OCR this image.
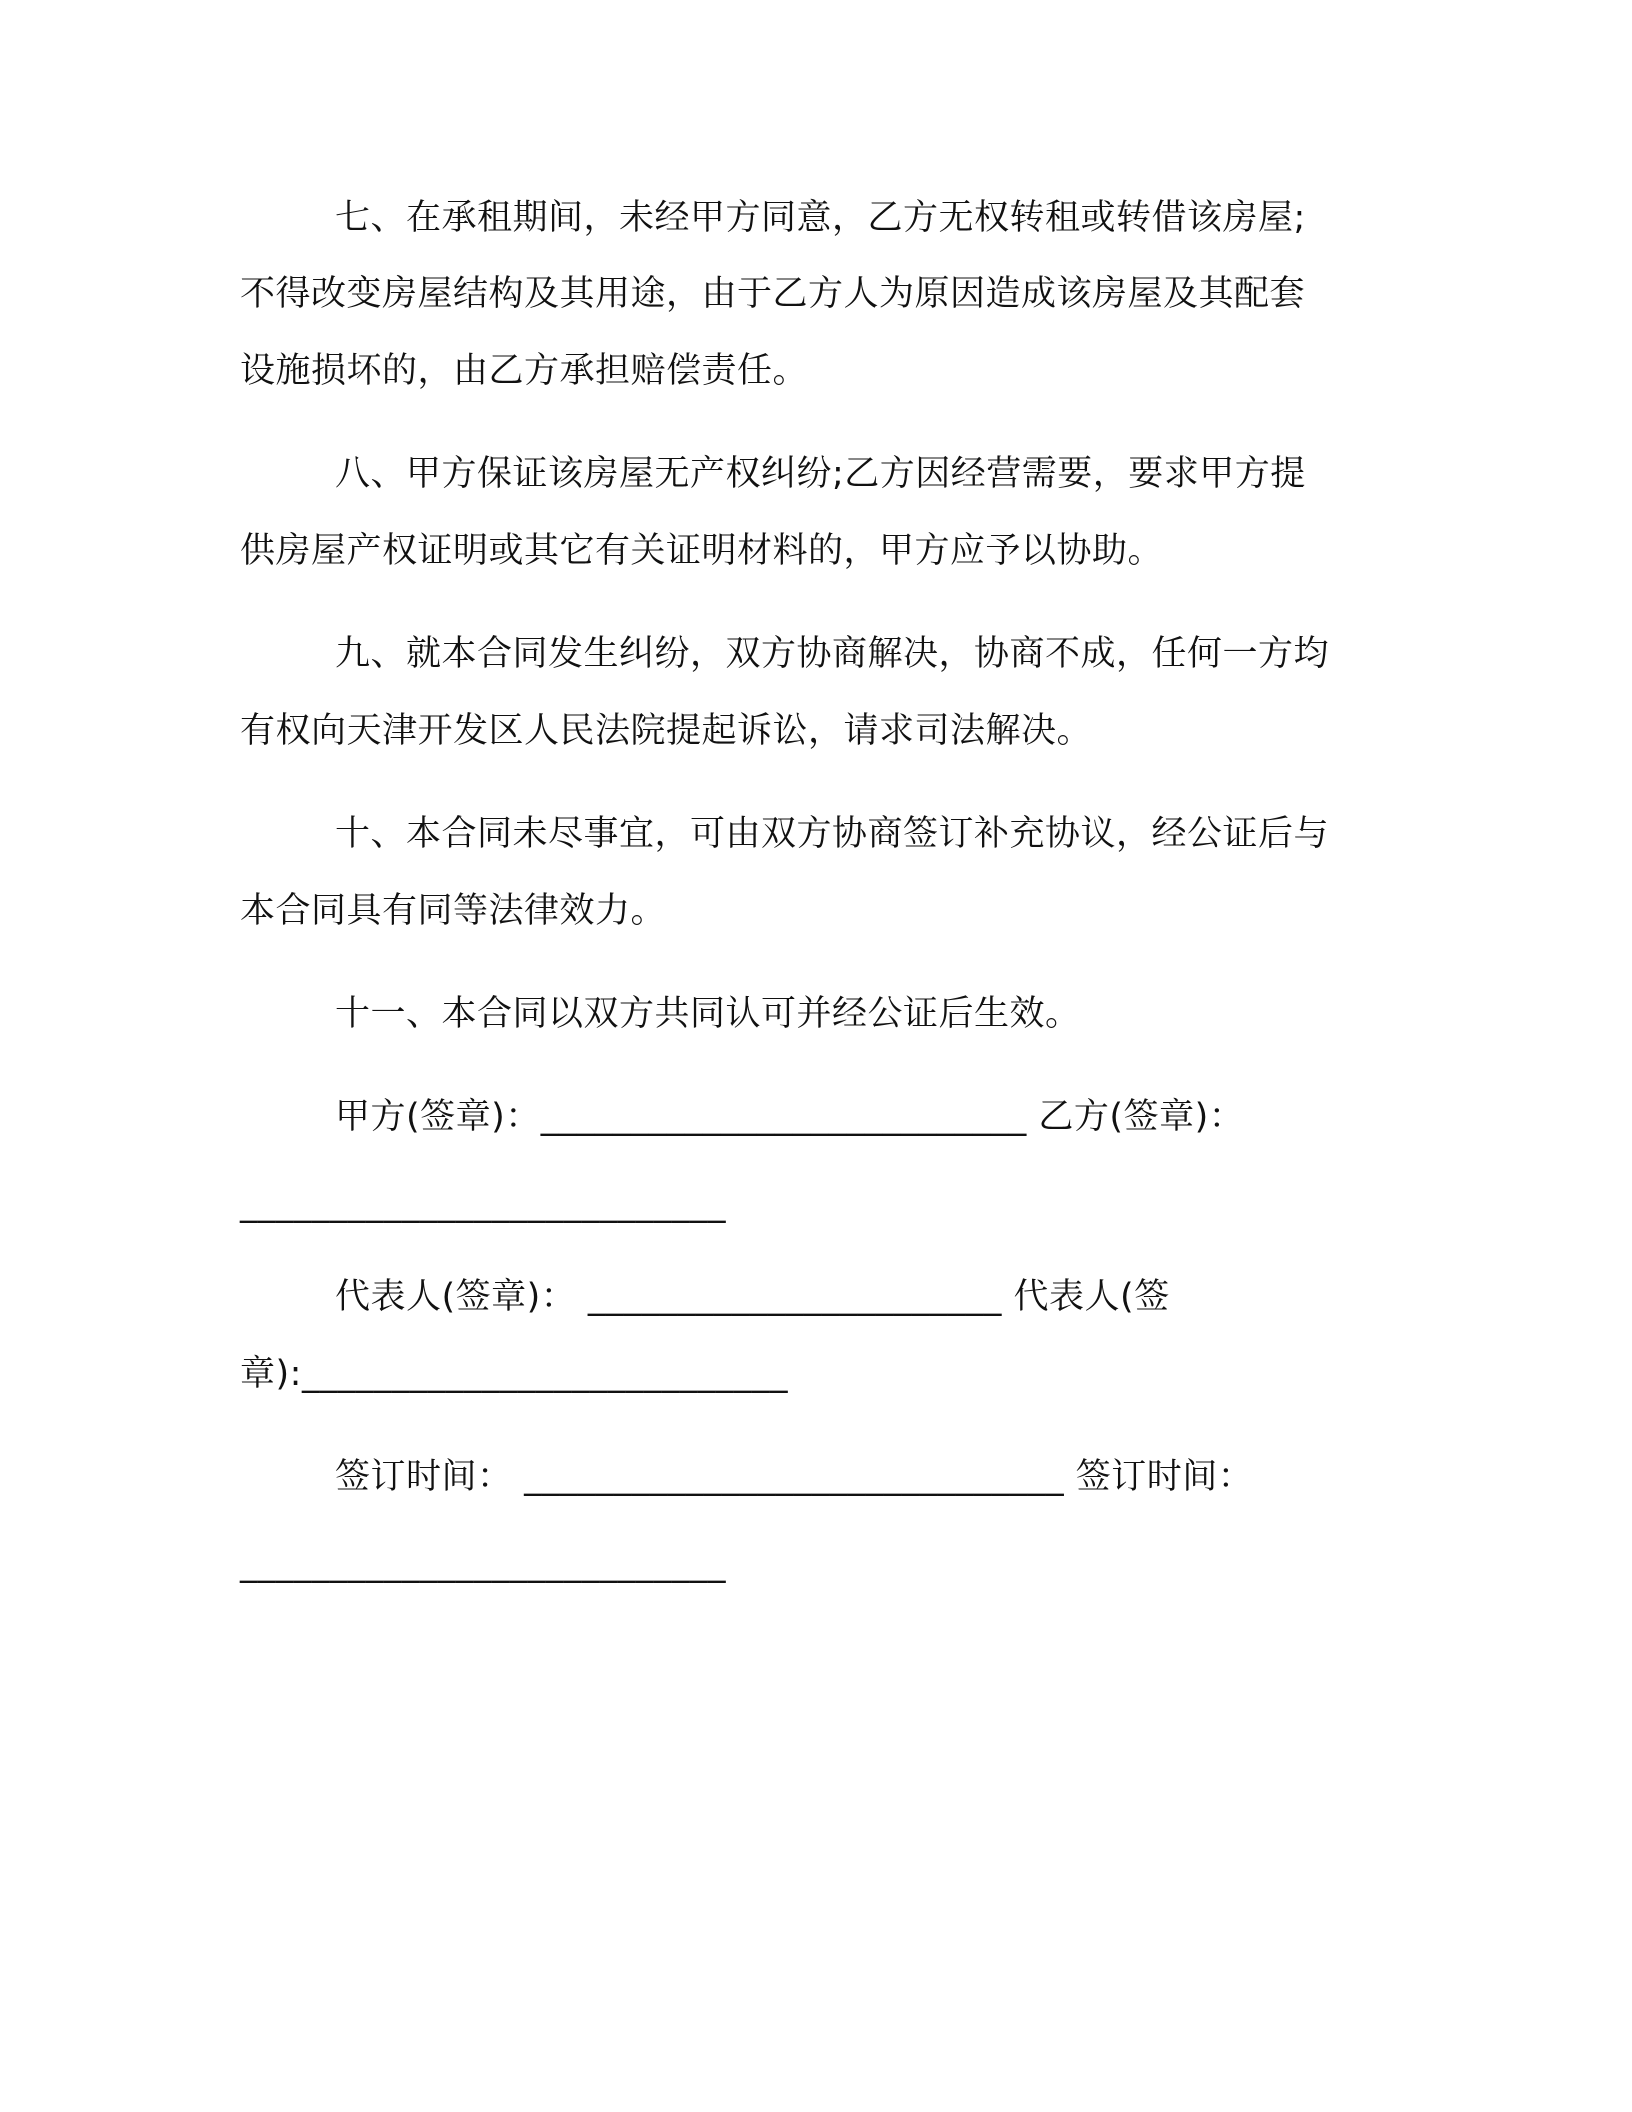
七、在承租期间，未经甲方同意，乙方无权转租或转借该房屋;
不得改变房屋结构及其用途，由于乙方人为原因造成该房屋及其配套
设施损坏的，由乙方承担赔偿责任。
八、甲方保证该房屋无产权纠纷;乙方因经营需要，要求甲方提
供房屋产权证明或其它有关证明材料的，甲方应予以协助。
九、就本合同发生纠纷，双方协商解决，协商不成，任何一方均
有权向天津开发区人民法院提起诉讼，请求司法解决。
十、本合同未尽事宜，可由双方协商签订补充协议，经公证后与
本合同具有同等法律效力。
十一、本合同以双方共同认可并经公证后生效。
甲方(签章)：___________________________ 乙方(签章)：
___________________________
代表人(签章)： _______________________ 代表人(签
章):___________________________
签订时间： ______________________________ 签订时间：
___________________________
